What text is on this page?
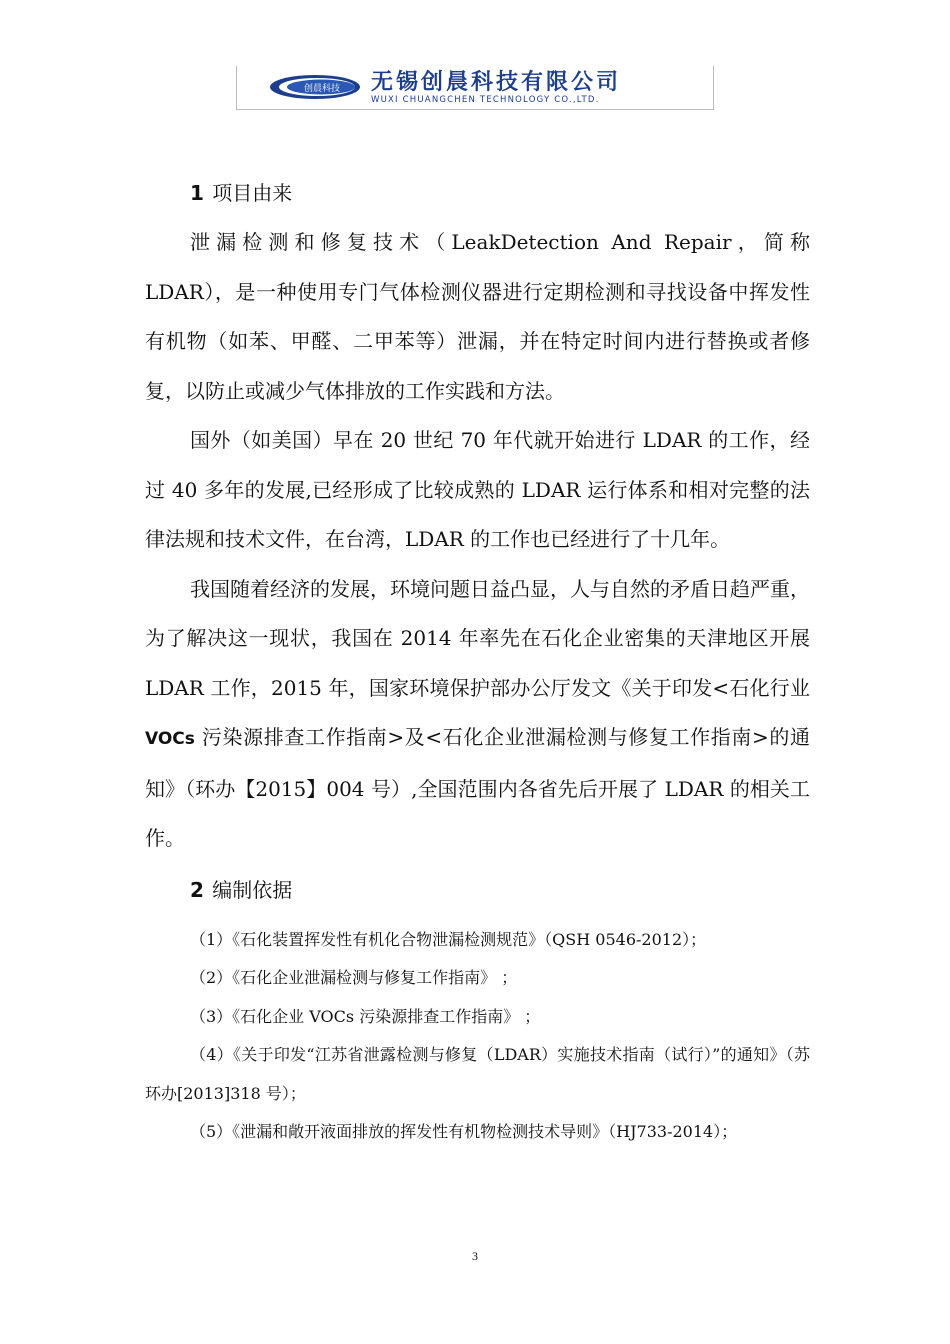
创晨科技 无锡创晨科技有限公司
WUXI CHUANGCHEN TECHNOLOGY CO.,LTD.
1 项目由来

泄漏检测和修复技术（LeakDetection And Repair，简称 LDAR），是一种使用专门气体检测仪器进行定期检测和寻找设备中挥发性有机物（如苯、甲醛、二甲苯等）泄漏，并在特定时间内进行替换或者修复，以防止或减少气体排放的工作实践和方法。

国外（如美国）早在 20 世纪 70 年代就开始进行 LDAR 的工作，经过 40 多年的发展,已经形成了比较成熟的 LDAR 运行体系和相对完整的法律法规和技术文件，在台湾，LDAR 的工作也已经进行了十几年。

我国随着经济的发展，环境问题日益凸显，人与自然的矛盾日趋严重，为了解决这一现状，我国在 2014 年率先在石化企业密集的天津地区开展 LDAR 工作，2015 年，国家环境保护部办公厅发文《关于印发<石化行业 VOCs 污染源排查工作指南>及<石化企业泄漏检测与修复工作指南>的通知》（环办【2015】004 号）,全国范围内各省先后开展了 LDAR 的相关工作。

2 编制依据

（1）《石化装置挥发性有机化合物泄漏检测规范》（QSH 0546-2012）；

（2）《石化企业泄漏检测与修复工作指南》 ；

（3）《石化企业 VOCs 污染源排查工作指南》 ；

（4）《关于印发“江苏省泄露检测与修复（LDAR）实施技术指南（试行）”的通知》（苏环办[2013]318 号）；

（5）《泄漏和敞开液面排放的挥发性有机物检测技术导则》（HJ733-2014）；

3
